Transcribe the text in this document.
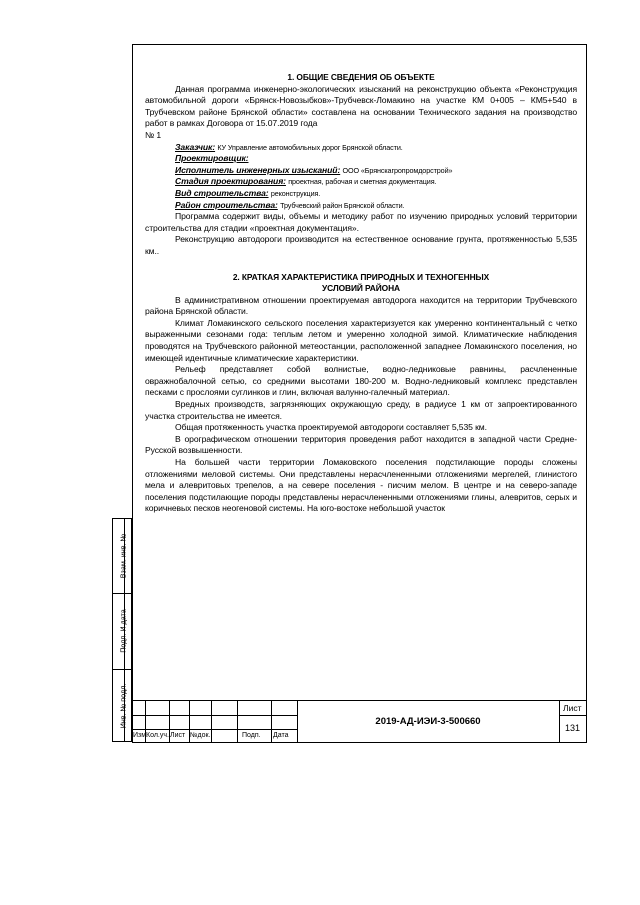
1. ОБЩИЕ СВЕДЕНИЯ ОБ ОБЪЕКТЕ

Данная программа инженерно-экологических изысканий на реконструкцию объекта «Реконструкция автомобильной дороги «Брянск-Новозыбков»-Трубчевск-Ломакино на участке КМ 0+005 – КМ5+540 в Трубчевском районе Брянской области» составлена на основании Технического задания на производство работ в рамках Договора от 15.07.2019 года

№ 1

Заказчик: КУ Управление автомобильных дорог Брянской области.

Проектировщик:

Исполнитель инженерных изысканий: ООО «Брянскагропромдорстрой»

Стадия проектирования: проектная, рабочая и сметная документация.

Вид строительства: реконструкция.

Район строительства: Трубчевский район Брянской области.

Программа содержит виды, объемы и методику работ по изучению природных условий территории строительства для стадии «проектная документация».

Реконструкцию автодороги производится на естественное основание грунта, протяженностью 5,535 км..

2. КРАТКАЯ ХАРАКТЕРИСТИКА ПРИРОДНЫХ И ТЕХНОГЕННЫХ

УСЛОВИЙ РАЙОНА

В административном отношении проектируемая автодорога находится на территории Трубчевского района Брянской области.

Климат Ломакинского сельского поселения характеризуется как умеренно континентальный с четко выраженными сезонами года: теплым летом и умеренно холодной зимой. Климатические наблюдения проводятся на Трубчевского районной метеостанции, расположенной западнее Ломакинского поселения, но имеющей идентичные климатические характеристики.

Рельеф представляет собой волнистые, водно-ледниковые равнины, расчлененные овражнобалочной сетью, со средними высотами 180-200 м. Водно-ледниковый комплекс представлен песками с прослоями суглинков и глин, включая валунно-галечный материал.

Вредных производств, загрязняющих окружающую среду, в радиусе 1 км от запроектированного участка строительства не имеется.

Общая протяженность участка проектируемой автодороги составляет 5,535 км.

В орографическом отношении территория проведения работ находится в западной части Средне-Русской возвышенности.

На большей части территории Ломаковского поселения подстилающие породы сложены отложениями меловой системы. Они представлены нерасчлененными отложениями мергелей, глинистого мела и алевритовых трепелов, а на севере поселения - писчим мелом. В центре и на северо-западе поселения подстилающие породы представлены нерасчлененными отложениями глины, алевритов, серых и коричневых песков неогеновой системы. На юго-востоке небольшой участок

Взам. инв. №
Подп. И дата
Инв. № подл.
Изм.
Кол.уч. Лист №док.	Подп. Дата
2019-АД-ИЭИ-3-500660
Лист
131
